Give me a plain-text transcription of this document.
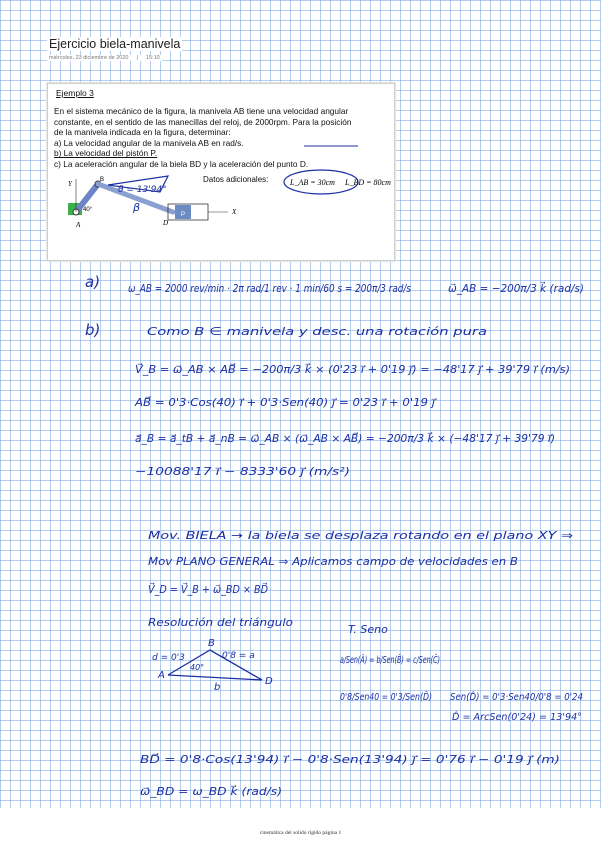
Ejercicio biela-manivela
miércoles, 23 diciembre de 2020 | 15:10
Ejemplo 3

En el sistema mecánico de la figura, la manivela AB tiene una velocidad angular

constante, en el sentido de las manecillas del reloj, de 2000rpm. Para la posición

de la manivela indicada en la figura, determinar:

a) La velocidad angular de la manivela AB en rad/s.

b) La velocidad del pistón P.

c) La aceleración angular de la biela BD y la aceleración del punto D.

Datos adicionales:
A	D
P	X
Y
40°
B
θ = 13'94°
β
L_AB = 30cm L_BD = 80cm
a)	ω_AB = 2000 rev/min · 2π rad/1 rev · 1 min/60 s = 200π/3 rad/s	ω⃗_AB = −200π/3 k⃗ (rad/s)
b)	Como B ∈ manivela y desc. una rotación pura
V⃗_B = ω⃗_AB × AB⃗ = −200π/3 k⃗ × (0'23 i⃗ + 0'19 j⃗) = −48'17 j⃗ + 39'79 i⃗ (m/s)
AB⃗ = 0'3·Cos(40) i⃗ + 0'3·Sen(40) j⃗ = 0'23 i⃗ + 0'19 j⃗
a⃗_B = a⃗_tB + a⃗_nB = ω⃗_AB × (ω⃗_AB × AB⃗) = −200π/3 k⃗ × (−48'17 j⃗ + 39'79 i⃗)
−10088'17 i⃗ − 8333'60 j⃗ (m/s²)
Mov. BIELA → la biela se desplaza rotando en el plano XY ⇒
Mov PLANO GENERAL ⇒ Aplicamos campo de velocidades en B
V⃗_D = V⃗_B + ω⃗_BD × BD⃗
Resolución del triángulo	T. Seno
A
B
D
d = 0'3
40°
0'8 = a
b
a/Sen(Â) = b/Sen(B̂) = c/Sen(Ĉ)
0'8/Sen40 = 0'3/Sen(D̂)
Sen(D̂) = 0'3·Sen40/0'8 = 0'24
D̂ = ArcSen(0'24) = 13'94°
BD⃗ = 0'8·Cos(13'94) i⃗ − 0'8·Sen(13'94) j⃗ = 0'76 i⃗ − 0'19 j⃗ (m)
ω⃗_BD = ω_BD k⃗ (rad/s)
cinemática del solido rígido página 1
